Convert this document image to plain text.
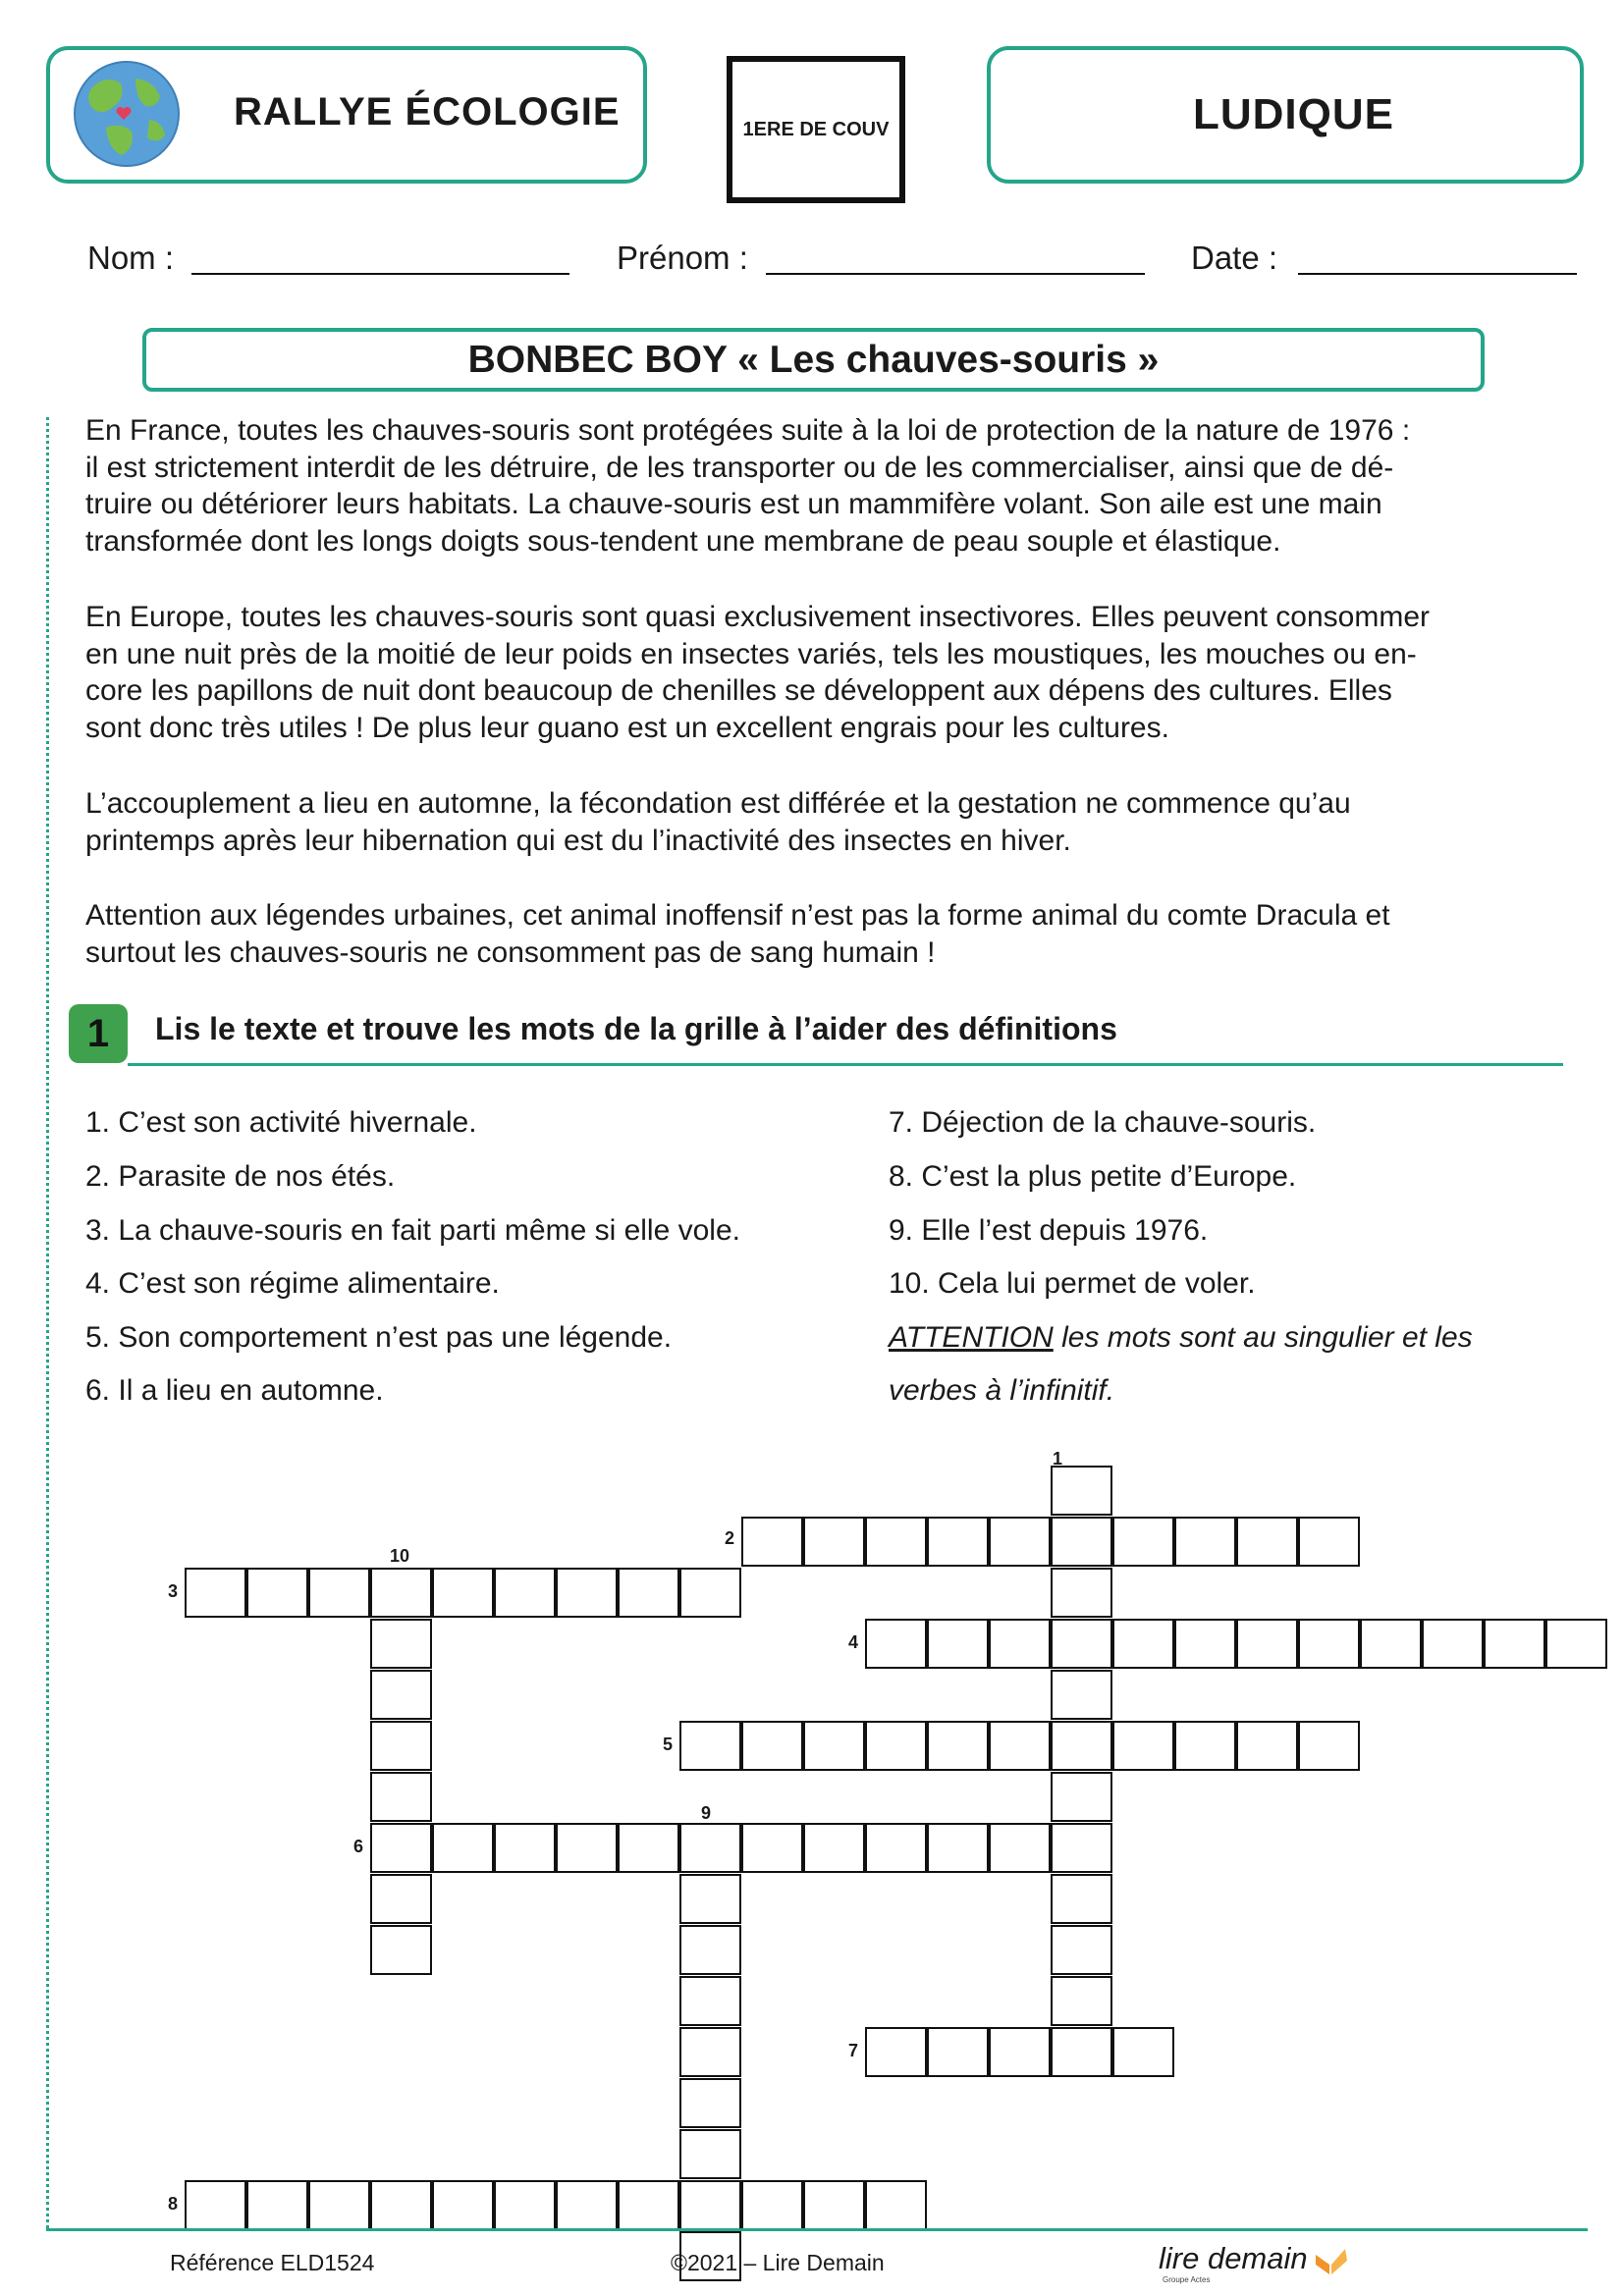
RALLYE ÉCOLOGIE	1ERE DE COUV	LUDIQUE
Nom :	Prénom :	Date :
BONBEC BOY « Les chauves-souris »
En France, toutes les chauves-souris sont protégées suite à la loi de protection de la nature de 1976 :
il est strictement interdit de les détruire, de les transporter ou de les commercialiser, ainsi que de dé-
truire ou détériorer leurs habitats. La chauve-souris est un mammifère volant. Son aile est une main
transformée dont les longs doigts sous-tendent une membrane de peau souple et élastique.
En Europe, toutes les chauves-souris sont quasi exclusivement insectivores. Elles peuvent consommer
en une nuit près de la moitié de leur poids en insectes variés, tels les moustiques, les mouches ou en-
core les papillons de nuit dont beaucoup de chenilles se développent aux dépens des cultures. Elles
sont donc très utiles ! De plus leur guano est un excellent engrais pour les cultures.
L’accouplement a lieu en automne, la fécondation est différée et la gestation ne commence qu’au
printemps après leur hibernation qui est du l’inactivité des insectes en hiver.
Attention aux légendes urbaines, cet animal inoffensif n’est pas la forme animal du comte Dracula et
surtout les chauves-souris ne consomment pas de sang humain !
1 Lis le texte et trouve les mots de la grille à l’aider des définitions
1. C’est son activité hivernale.
2. Parasite de nos étés.
3. La chauve-souris en fait parti même si elle vole.
4. C’est son régime alimentaire.
5. Son comportement n’est pas une légende.
6. Il a lieu en automne.
7. Déjection de la chauve-souris.
8. C’est la plus petite d’Europe.
9. Elle l’est depuis 1976.
10. Cela lui permet de voler.
ATTENTION les mots sont au singulier et les
verbes à l’infinitif.
1
2
3
4
5
6
7
8
9
10
Référence ELD1524	©2021 – Lire Demain	lire demain
Groupe Actes
